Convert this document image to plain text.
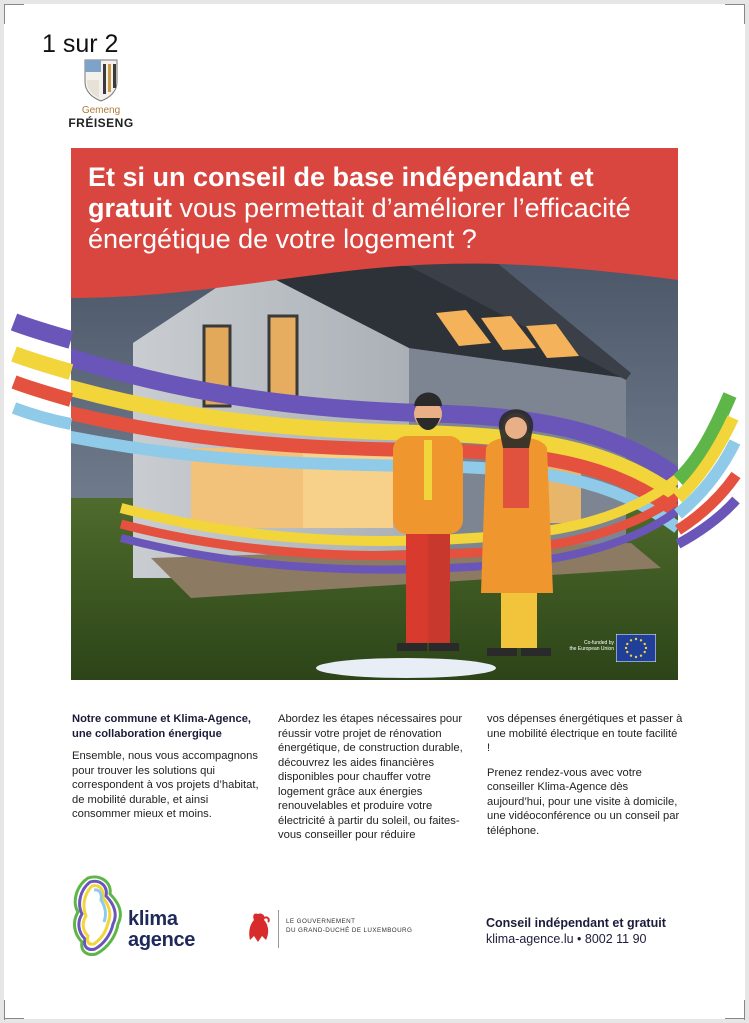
1 sur 2
Gemeng
FRÉISENG
Et si un conseil de base indépendant et gratuit vous permettait d’améliorer l’efficacité énergétique de votre logement ?
Co-funded by
the European Union

Notre commune et Klima-Agence,
une collaboration énergique

Ensemble, nous vous accompagnons pour trouver les solutions qui correspondent à vos projets d’habitat, de mobilité durable, et ainsi consommer mieux et moins.

Abordez les étapes nécessaires pour réussir votre projet de rénovation énergétique, de construction durable, découvrez les aides financières disponibles pour chauffer votre logement grâce aux énergies renouvelables et produire votre électricité à partir du soleil, ou faites-vous conseiller pour réduire

vos dépenses énergétiques et passer à une mobilité électrique en toute facilité !

Prenez rendez-vous avec votre conseiller Klima-Agence dès aujourd’hui, pour une visite à domicile, une vidéoconférence ou un conseil par téléphone.

klima
agence
LE GOUVERNEMENT
DU GRAND-DUCHÉ DE LUXEMBOURG
Conseil indépendant et gratuit
klima-agence.lu • 8002 11 90
